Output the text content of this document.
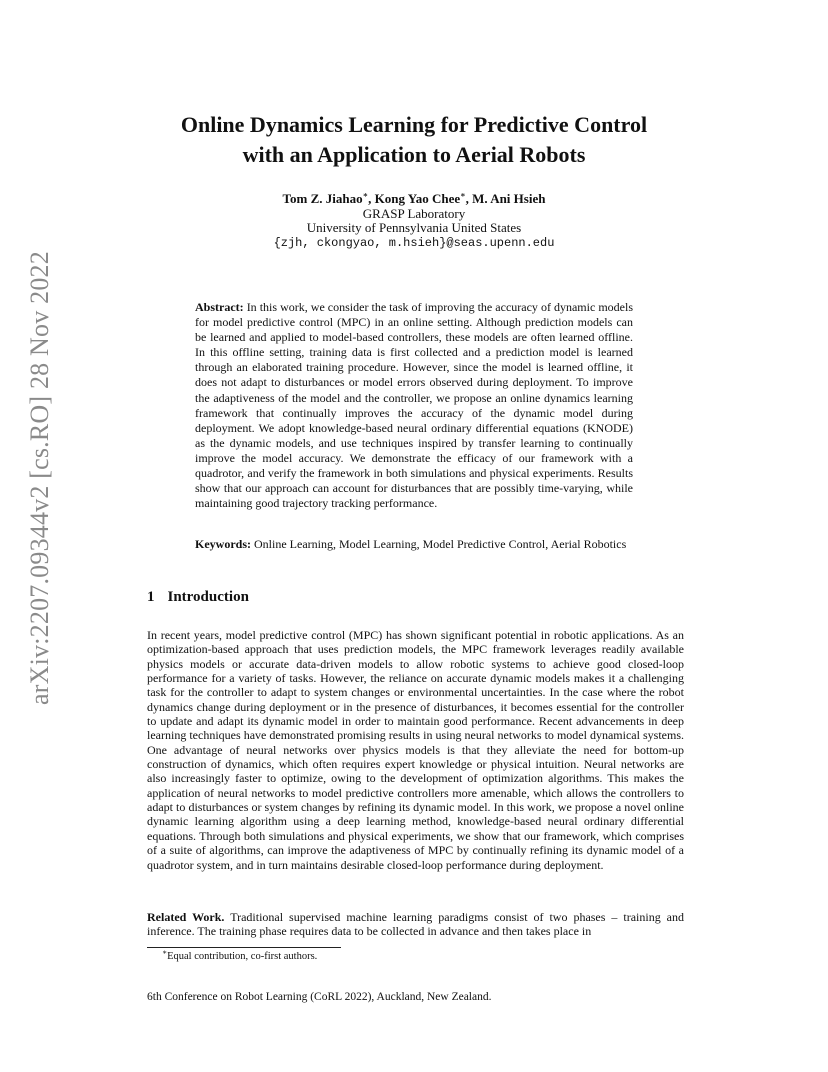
arXiv:2207.09344v2 [cs.RO] 28 Nov 2022
Online Dynamics Learning for Predictive Control
with an Application to Aerial Robots
Tom Z. Jiahao∗, Kong Yao Chee∗, M. Ani Hsieh
GRASP Laboratory
University of Pennsylvania United States
{zjh, ckongyao, m.hsieh}@seas.upenn.edu
Abstract: In this work, we consider the task of improving the accuracy of dynamic models for model predictive control (MPC) in an online setting. Although prediction models can be learned and applied to model-based controllers, these models are often learned offline. In this offline setting, training data is first collected and a prediction model is learned through an elaborated training procedure. However, since the model is learned offline, it does not adapt to disturbances or model errors observed during deployment. To improve the adaptiveness of the model and the controller, we propose an online dynamics learning framework that continually improves the accuracy of the dynamic model during deployment. We adopt knowledge-based neural ordinary differential equations (KNODE) as the dynamic models, and use techniques inspired by transfer learning to continually improve the model accuracy. We demonstrate the efficacy of our framework with a quadrotor, and verify the framework in both simulations and physical experiments. Results show that our approach can account for disturbances that are possibly time-varying, while maintaining good trajectory tracking performance.
Keywords: Online Learning, Model Learning, Model Predictive Control, Aerial Robotics
1 Introduction
In recent years, model predictive control (MPC) has shown significant potential in robotic applications. As an optimization-based approach that uses prediction models, the MPC framework leverages readily available physics models or accurate data-driven models to allow robotic systems to achieve good closed-loop performance for a variety of tasks. However, the reliance on accurate dynamic models makes it a challenging task for the controller to adapt to system changes or environmental uncertainties. In the case where the robot dynamics change during deployment or in the presence of disturbances, it becomes essential for the controller to update and adapt its dynamic model in order to maintain good performance. Recent advancements in deep learning techniques have demonstrated promising results in using neural networks to model dynamical systems. One advantage of neural networks over physics models is that they alleviate the need for bottom-up construction of dynamics, which often requires expert knowledge or physical intuition. Neural networks are also increasingly faster to optimize, owing to the development of optimization algorithms. This makes the application of neural networks to model predictive controllers more amenable, which allows the controllers to adapt to disturbances or system changes by refining its dynamic model. In this work, we propose a novel online dynamic learning algorithm using a deep learning method, knowledge-based neural ordinary differential equations. Through both simulations and physical experiments, we show that our framework, which comprises of a suite of algorithms, can improve the adaptiveness of MPC by continually refining its dynamic model of a quadrotor system, and in turn maintains desirable closed-loop performance during deployment.
Related Work. Traditional supervised machine learning paradigms consist of two phases – training and inference. The training phase requires data to be collected in advance and then takes place in
∗Equal contribution, co-first authors.
6th Conference on Robot Learning (CoRL 2022), Auckland, New Zealand.
